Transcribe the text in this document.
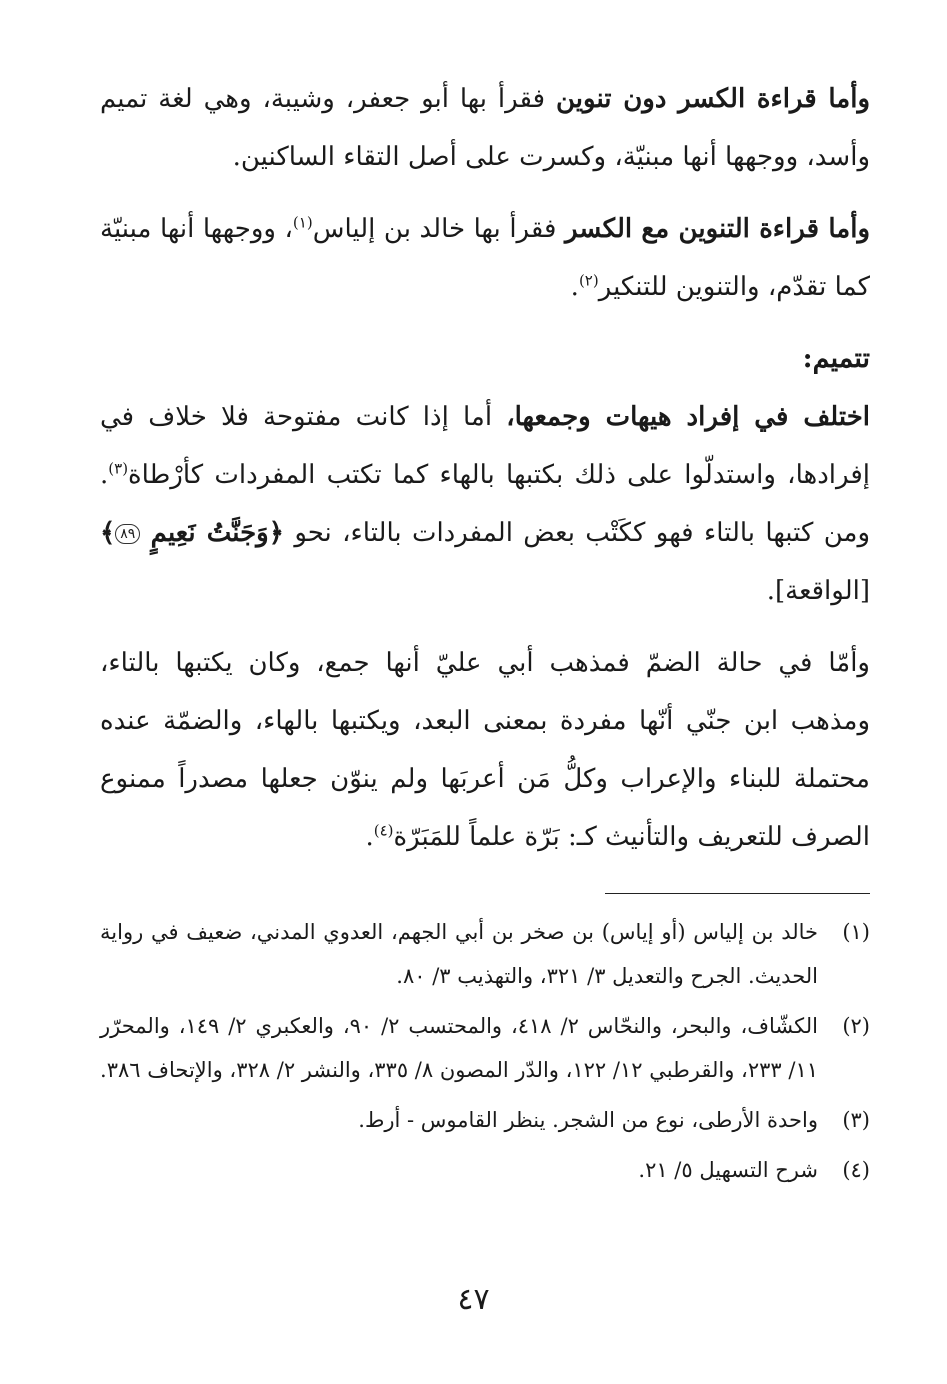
وأما قراءة الكسر دون تنوين فقرأ بها أبو جعفر، وشيبة، وهي لغة تميم وأسد، ووجهها أنها مبنيّة، وكسرت على أصل التقاء الساكنين.

وأما قراءة التنوين مع الكسر فقرأ بها خالد بن إلياس$^{(١)}$، ووجهها أنها مبنيّة كما تقدّم، والتنوين للتنكير$^{(٢)}$.

تتميم:

اختلف في إفراد هيهات وجمعها، أما إذا كانت مفتوحة فلا خلاف في إفرادها، واستدلّوا على ذلك بكتبها بالهاء كما تكتب المفردات كأرْطاة$^{(٣)}$. ومن كتبها بالتاء فهو ككَتْب بعض المفردات بالتاء، نحو ﴿وَجَنَّتُ نَعِيمٍ ٨٩﴾ [الواقعة].

وأمّا في حالة الضمّ فمذهب أبي عليّ أنها جمع، وكان يكتبها بالتاء، ومذهب ابن جنّي أنّها مفردة بمعنى البعد، ويكتبها بالهاء، والضمّة عنده محتملة للبناء والإعراب وكلُّ مَن أعربَها ولم ينوّن جعلها مصدراً ممنوع الصرف للتعريف والتأنيث كـ: بَرّة علماً للمَبَرّة$^{(٤)}$.

(١)
خالد بن إلياس (أو إياس) بن صخر بن أبي الجهم، العدوي المدني، ضعيف في رواية الحديث. الجرح والتعديل ٣/ ٣٢١، والتهذيب ٣/ ٨٠.

(٢)
الكشّاف، والبحر، والنحّاس ٢/ ٤١٨، والمحتسب ٢/ ٩٠، والعكبري ٢/ ١٤٩، والمحرّر ١١/ ٢٣٣، والقرطبي ١٢/ ١٢٢، والدّر المصون ٨/ ٣٣٥، والنشر ٢/ ٣٢٨، والإتحاف ٣٨٦.

(٣)
واحدة الأرطى، نوع من الشجر. ينظر القاموس - أرط.

(٤)
شرح التسهيل ٥/ ٢١.

٤٧
